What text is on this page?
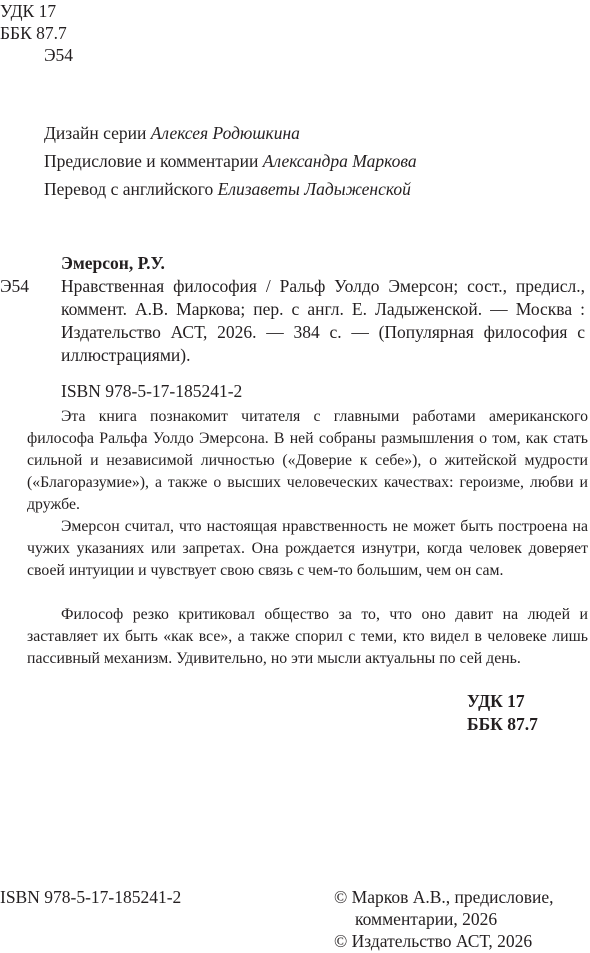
УДК 17

ББК 87.7

Э54

Дизайн серии Алексея Родюшкина

Предисловие и комментарии Александра Маркова

Перевод с английского Елизаветы Ладыженской

Эмерсон, Р.У.

Э54 Нравственная философия / Ральф Уолдо Эмерсон; сост., предисл., коммент. А.В. Маркова; пер. с англ. Е. Ладыженской. — Москва : Издательство АСТ, 2026. — 384 с. — (Популярная философия с иллюстрациями).

ISBN 978-5-17-185241-2

Эта книга познакомит читателя с главными работами американского философа Ральфа Уолдо Эмерсона. В ней собраны размышления о том, как стать сильной и независимой личностью («Доверие к себе»), о житейской мудрости («Благоразумие»), а также о высших человеческих качествах: героизме, любви и дружбе.

Эмерсон считал, что настоящая нравственность не может быть построена на чужих указаниях или запретах. Она рождается изнутри, когда человек доверяет своей интуиции и чувствует свою связь с чем-то большим, чем он сам.

Философ резко критиковал общество за то, что оно давит на людей и заставляет их быть «как все», а также спорил с теми, кто видел в человеке лишь пассивный механизм. Удивительно, но эти мысли актуальны по сей день.

УДК 17

ББК 87.7

ISBN 978-5-17-185241-2	© Марков А.В., предисловие,

комментарии, 2026

© Издательство АСТ, 2026
